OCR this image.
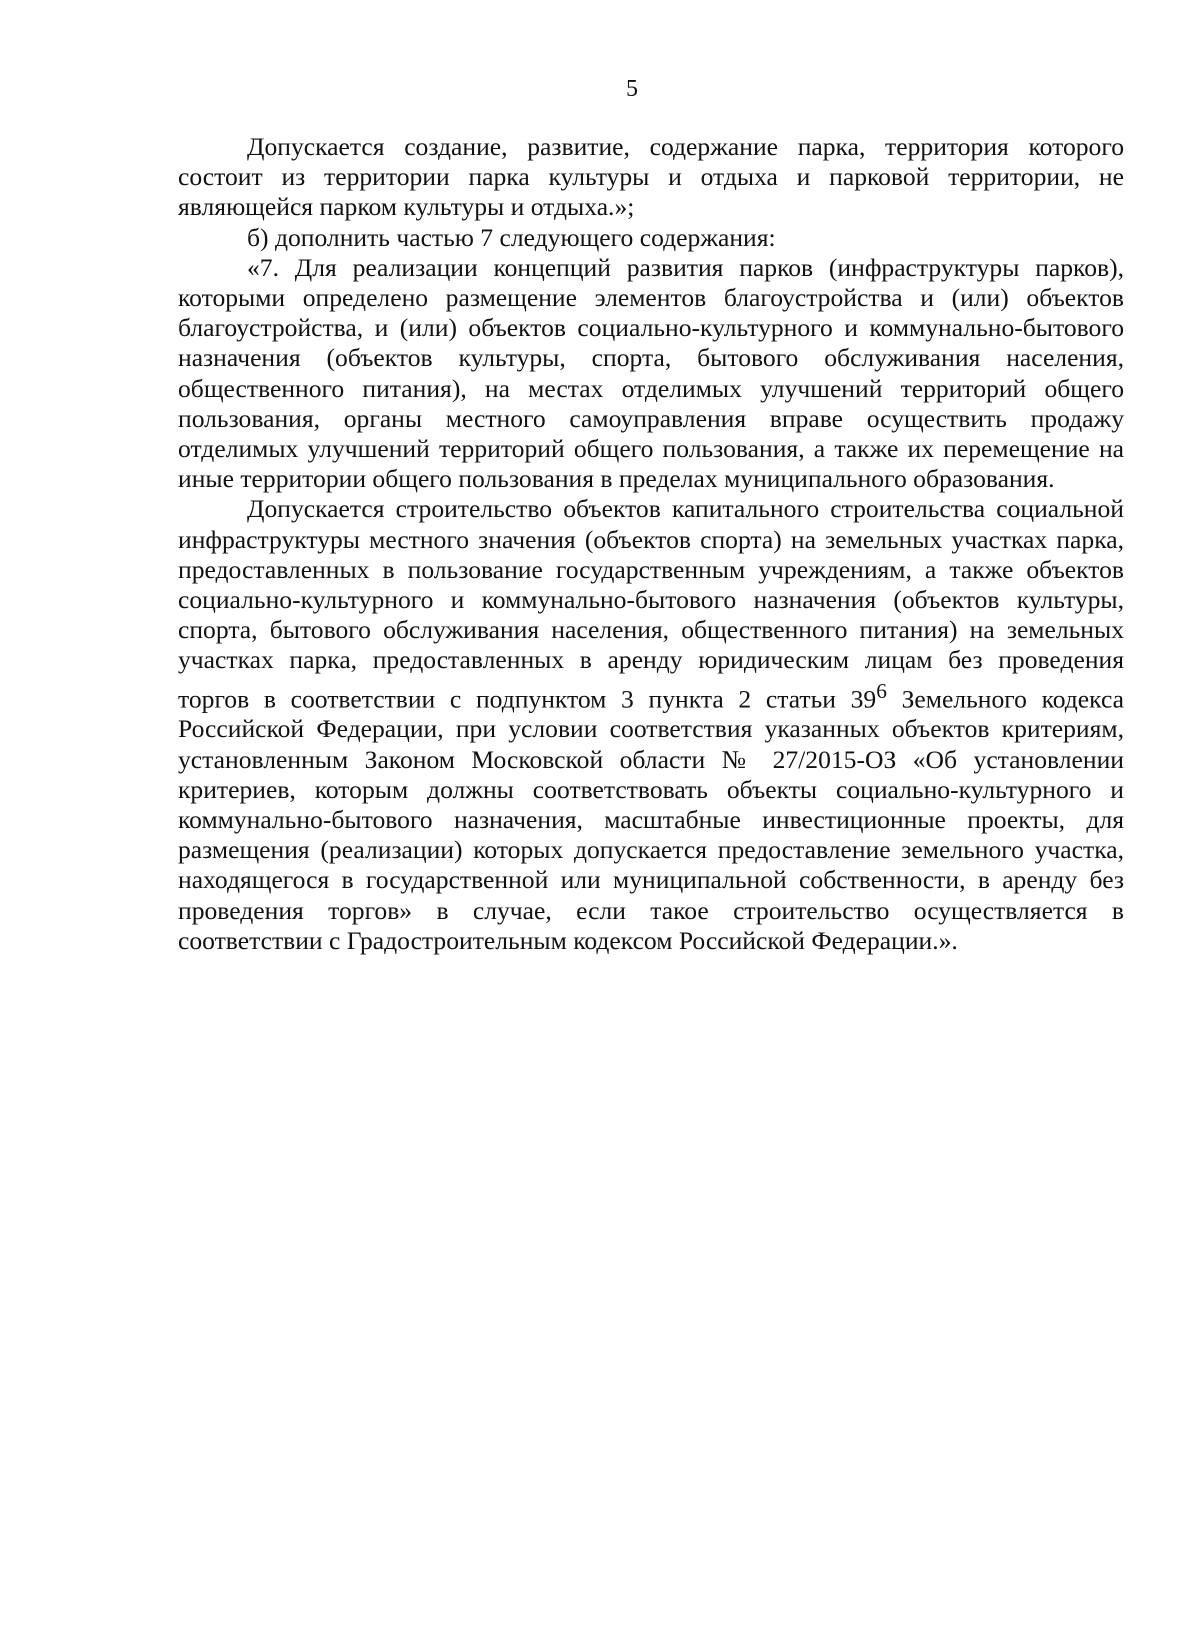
5

Допускается создание, развитие, содержание парка, территория которого состоит из территории парка культуры и отдыха и парковой территории, не являющейся парком культуры и отдыха.»;

б) дополнить частью 7 следующего содержания:

«7. Для реализации концепций развития парков (инфраструктуры парков), которыми определено размещение элементов благоустройства и (или) объектов благоустройства, и (или) объектов социально-культурного и коммунально-бытового назначения (объектов культуры, спорта, бытового обслуживания населения, общественного питания), на местах отделимых улучшений территорий общего пользования, органы местного самоуправления вправе осуществить продажу отделимых улучшений территорий общего пользования, а также их перемещение на иные территории общего пользования в пределах муниципального образования.

Допускается строительство объектов капитального строительства социальной инфраструктуры местного значения (объектов спорта) на земельных участках парка, предоставленных в пользование государственным учреждениям, а также объектов социально-культурного и коммунально-бытового назначения (объектов культуры, спорта, бытового обслуживания населения, общественного питания) на земельных участках парка, предоставленных в аренду юридическим лицам без проведения торгов в соответствии с подпунктом 3 пункта 2 статьи $39^6$ Земельного кодекса Российской Федерации, при условии соответствия указанных объектов критериям, установленным Законом Московской области № 27/2015-ОЗ «Об установлении критериев, которым должны соответствовать объекты социально-культурного и коммунально-бытового назначения, масштабные инвестиционные проекты, для размещения (реализации) которых допускается предоставление земельного участка, находящегося в государственной или муниципальной собственности, в аренду без проведения торгов» в случае, если такое строительство осуществляется в соответствии с Градостроительным кодексом Российской Федерации.».
